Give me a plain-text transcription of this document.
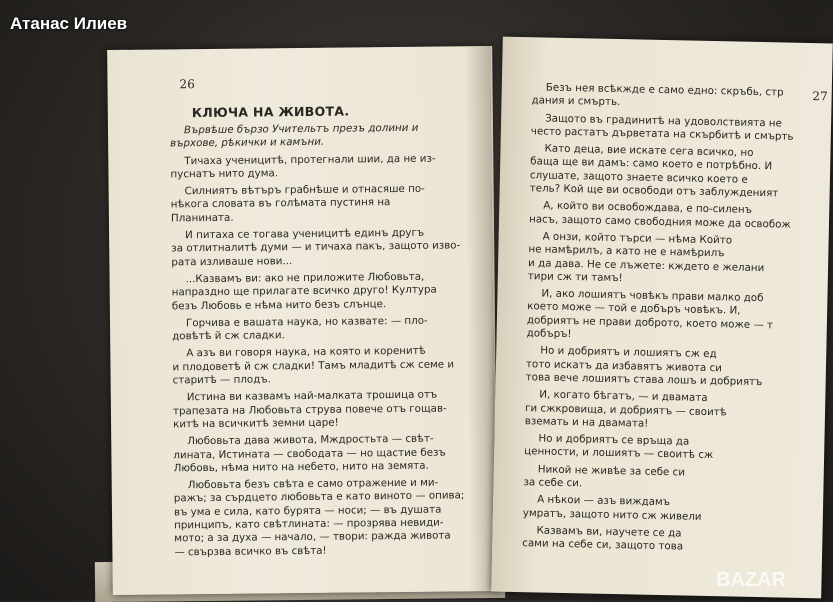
Атанас Илиев
26
КЛЮЧА НА ЖИВОТА.
Вървѣше бързо Учительтъ презъ долини и
върхове, рѣкички и камъни.
Тичаха ученицитѣ, протегнали шии, да не из-
пуснатъ нито дума.
Силниятъ вѣтъръ грабнѣше и отнасяше по-
нѣкога словата въ голѣмата пустиня на
Планината.
И питаха се тогава ученицитѣ единъ другъ
за отлитналитѣ думи — и тичаха пакъ, защото изво-
рата изливаше нови...
...Казвамъ ви: ако не приложите Любовьта,
напраздно ще прилагате всичко друго! Култура
безъ Любовь е нѣма нито безъ слънце.
Горчива е вашата наука, но казвате: — пло-
довѣтѣ й сж сладки.
А азъ ви говоря наука, на която и коренитѣ
и плодоветѣ й сж сладки! Тамъ младитѣ сж семе и
старитѣ — плодъ.
Истина ви казвамъ най-малката трошица отъ
трапезата на Любовьта струва повече отъ гощав-
китѣ на всичкитѣ земни царе!
Любовьта дава живота, Мждростьта — свѣт-
лината, Истината — свободата — но щастие безъ
Любовь, нѣма нито на небето, нито на земята.
Любовьта безъ свѣта е само отражение и ми-
ражъ; за сърдцето любовьта е като виното — опива;
въ ума е сила, като бурята — носи; — въ душата
принципъ, като свѣтлината: — прозрява невиди-
мото; а за духа — начало, — твори: ражда живота
— свързва всичко въ свѣта!
27
Безъ нея всѣкжде е само едно: скръбь, стр
дания и смърть.
Защото въ градинитѣ на удоволствията не
често растатъ дърветата на скърбитѣ и смърть
Като деца, вие искате сега всичко, но
баща ще ви дамъ: само което е потрѣбно. И
слушате, защото знаете всичко което е
тель? Кой ще ви освободи отъ заблужденият
А, който ви освобождава, е по-силенъ
насъ, защото само свободния може да освобож
А онзи, който търси — нѣма Който
не намѣрилъ, а като не е намѣрилъ
и да дава. Не се лъжете: кждето е желани
тири сж ти тамъ!
И, ако лошиятъ човѣкъ прави малко доб
което може — той е добъръ човѣкъ. И,
добриятъ не прави доброто, което може — т
добъръ!
Но и добриятъ и лошиятъ сж ед
тото искатъ да избавятъ живота си
това вече лошиятъ става лошъ и добриятъ
И, когато бѣгатъ, — и двамата
ги сжкровища, и добриятъ — своитѣ
вземать и на двамата!
Но и добриятъ се връща да
ценности, и лошиятъ — своитѣ сж
Никой не живѣе за себе си
за себе си.
А нѣкои — азъ виждамъ
умратъ, защото нито сж живели
Казвамъ ви, научете се да
сами на себе си, защото това
BAZAR
